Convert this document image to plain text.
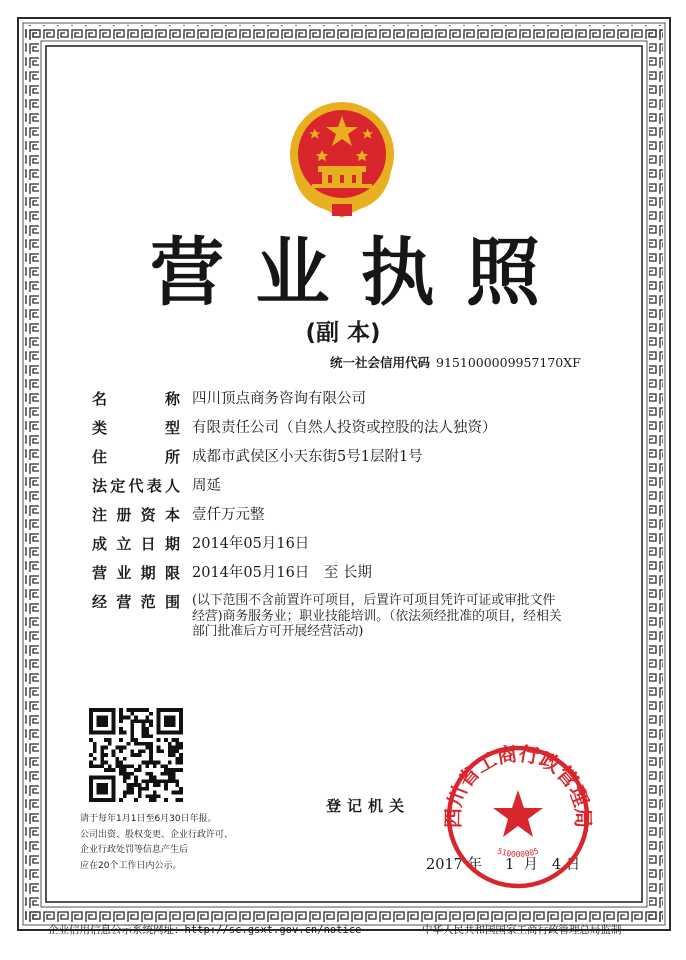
营 业 执 照
(副 本)
统一社会信用代码 9151000009957170XF
名	称 四川顶点商务咨询有限公司
类	型 有限责任公司（自然人投资或控股的法人独资）
住	所 成都市武侯区小天东街5号1层附1号
法 定 代 表 人 周延
注 册 资 本 壹仟万元整
成 立 日 期 2014年05月16日
营 业 期 限 2014年05月16日　至 长期
经 营 范 围 (以下范围不含前置许可项目，后置许可项目凭许可证或审批文件经营)商务服务业；职业技能培训。（依法须经批准的项目，经相关部门批准后方可开展经营活动)
请于每年1月1日至6月30日年报。
公司出资、股权变更、企业行政许可、
企业行政处罚等信息产生后
应在20个工作日内公示。
登记机关
2017 年 1 月 4 日
四川省工商行政管理局
510000005
企业信用信息公示系统网址：http://sc.gsxt.gov.cn/notice	中华人民共和国国家工商行政管理总局监制
